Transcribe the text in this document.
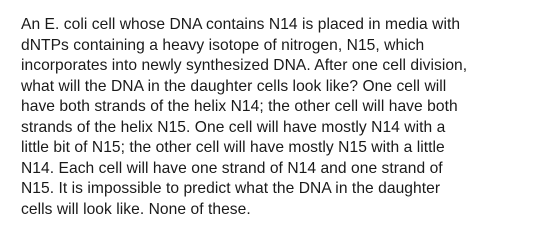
An E. coli cell whose DNA contains N14 is placed in media with
dNTPs containing a heavy isotope of nitrogen, N15, which
incorporates into newly synthesized DNA. After one cell division,
what will the DNA in the daughter cells look like? One cell will
have both strands of the helix N14; the other cell will have both
strands of the helix N15. One cell will have mostly N14 with a
little bit of N15; the other cell will have mostly N15 with a little
N14. Each cell will have one strand of N14 and one strand of
N15. It is impossible to predict what the DNA in the daughter
cells will look like. None of these.
